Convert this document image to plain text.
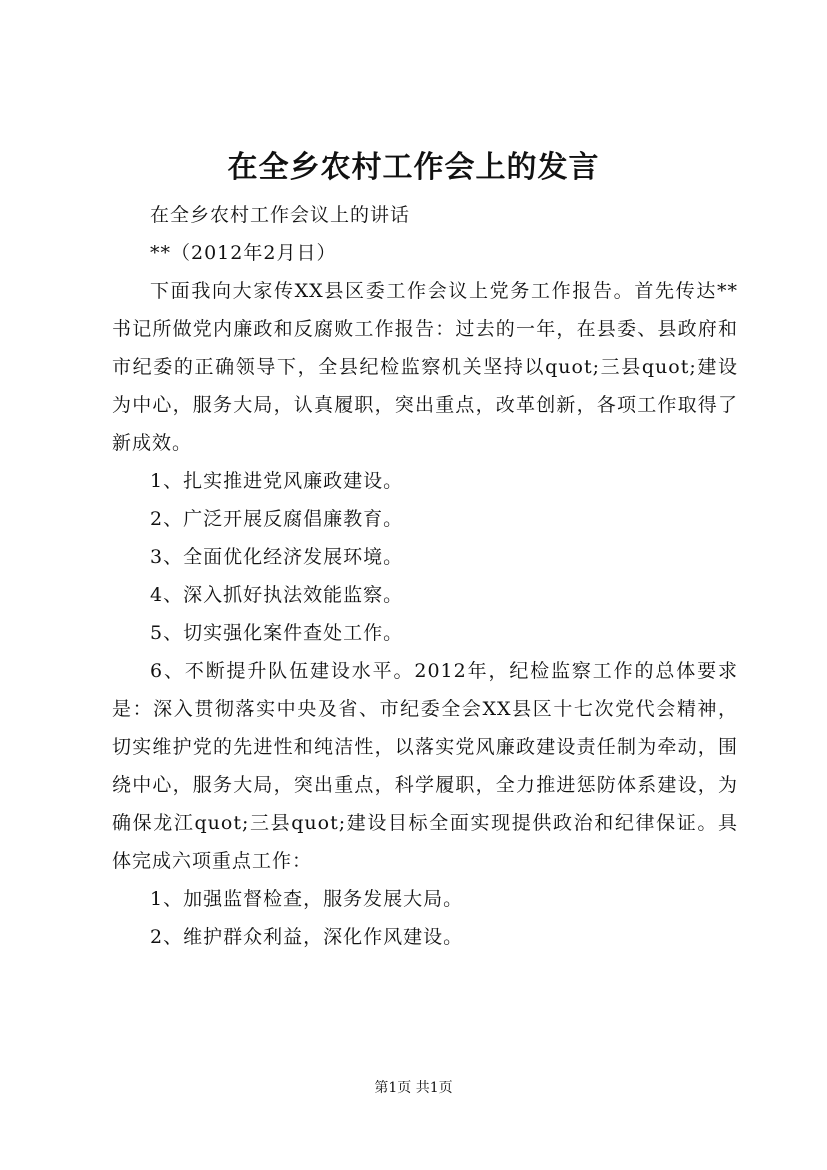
在全乡农村工作会上的发言

在全乡农村工作会议上的讲话

**（2012年2月日）

下面我向大家传XX县区委工作会议上党务工作报告。首先传达**书记所做党内廉政和反腐败工作报告：过去的一年，在县委、县政府和市纪委的正确领导下，全县纪检监察机关坚持以quot;三县quot;建设为中心，服务大局，认真履职，突出重点，改革创新，各项工作取得了新成效。

1、扎实推进党风廉政建设。

2、广泛开展反腐倡廉教育。

3、全面优化经济发展环境。

4、深入抓好执法效能监察。

5、切实强化案件查处工作。

6、不断提升队伍建设水平。2012年，纪检监察工作的总体要求是：深入贯彻落实中央及省、市纪委全会XX县区十七次党代会精神，切实维护党的先进性和纯洁性，以落实党风廉政建设责任制为牵动，围绕中心，服务大局，突出重点，科学履职，全力推进惩防体系建设，为确保龙江quot;三县quot;建设目标全面实现提供政治和纪律保证。具体完成六项重点工作：

1、加强监督检查，服务发展大局。

2、维护群众利益，深化作风建设。

第1页 共1页
